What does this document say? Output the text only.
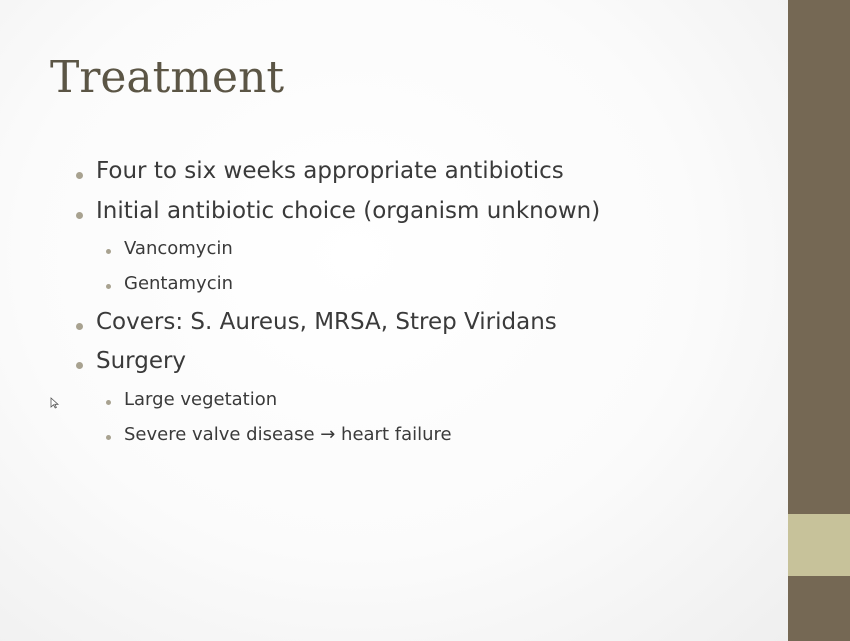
Treatment
Four to six weeks appropriate antibiotics
Initial antibiotic choice (organism unknown)
Vancomycin
Gentamycin
Covers: S. Aureus, MRSA, Strep Viridans
Surgery
Large vegetation
Severe valve disease → heart failure
